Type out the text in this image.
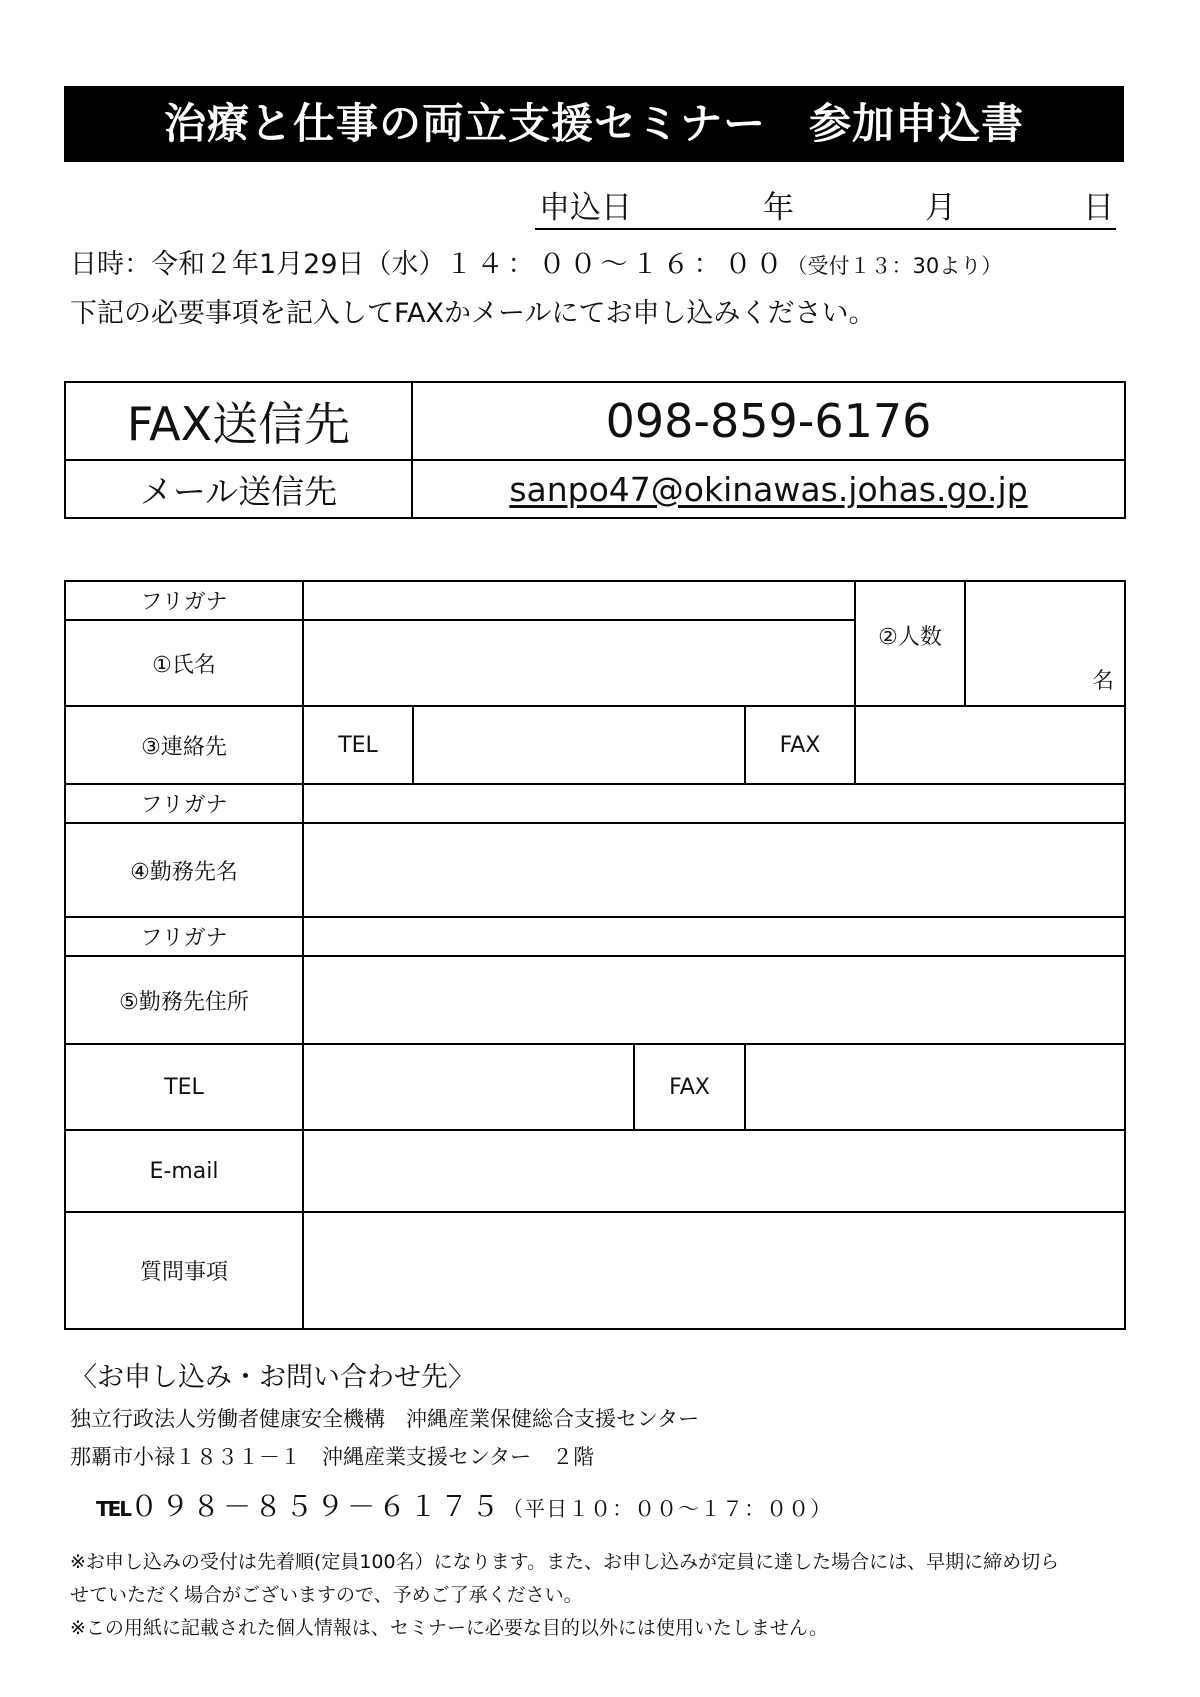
治療と仕事の両立支援セミナー　参加申込書
申込日	年	月	日
日時：令和２年1月29日（水）１４：００～１６：００（受付１３：30より）
下記の必要事項を記入してFAXかメールにてお申し込みください。
FAX送信先	098-859-6176
メール送信先	sanpo47@okinawas.johas.go.jp
フリガナ					②人数	名
①氏名						
③連絡先	TEL			FAX		
フリガナ						
④勤務先名						
フリガナ						
⑤勤務先住所						
TEL			FAX			
E-mail						
質問事項						
〈お申し込み・お問い合わせ先〉
独立行政法人労働者健康安全機構　沖縄産業保健総合支援センター
那覇市小禄１８３１－１　沖縄産業支援センター　２階
TEL０９８－８５９－６１７５（平日１０：００～１７：００）
※お申し込みの受付は先着順(定員100名）になります。また、お申し込みが定員に達した場合には、早期に締め切ら
せていただく場合がございますので、予めご了承ください。
※この用紙に記載された個人情報は、セミナーに必要な目的以外には使用いたしません。
